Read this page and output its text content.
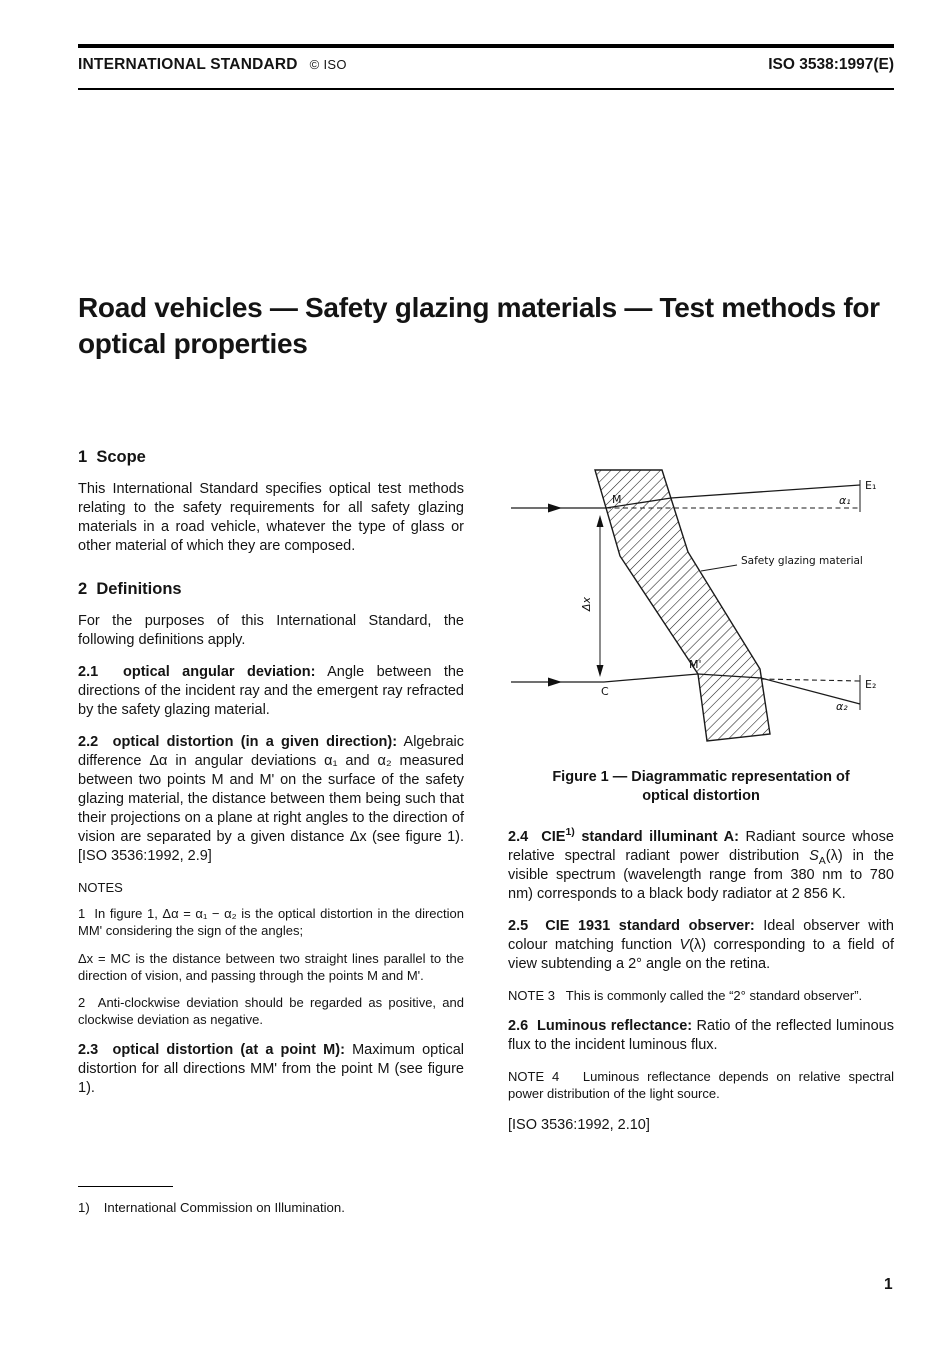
INTERNATIONAL STANDARD © ISO	ISO 3538:1997(E)
Road vehicles — Safety glazing materials — Test methods for optical properties
1  Scope

This International Standard specifies optical test methods relating to the safety requirements for all safety glazing materials in a road vehicle, whatever the type of glass or other material of which they are composed.

2  Definitions

For the purposes of this International Standard, the following definitions apply.

2.1  optical angular deviation: Angle between the directions of the incident ray and the emergent ray refracted by the safety glazing material.

2.2  optical distortion (in a given direction): Algebraic difference Δα in angular deviations α₁ and α₂ measured between two points M and M' on the surface of the safety glazing material, the distance between them being such that their projections on a plane at right angles to the direction of vision are separated by a given distance Δx (see figure 1). [ISO 3536:1992, 2.9]

NOTES

1  In figure 1, Δα = α₁ − α₂ is the optical distortion in the direction MM' considering the sign of the angles;

Δx = MC is the distance between two straight lines parallel to the direction of vision, and passing through the points M and M'.

2  Anti-clockwise deviation should be regarded as positive, and clockwise deviation as negative.

2.3  optical distortion (at a point M): Maximum optical distortion for all directions MM' from the point M (see figure 1).

M
E₁
α₁
Δx
Safety glazing material
C
M'
E₂
α₂

Figure 1 — Diagrammatic representation of optical distortion

2.4  CIE$^{1)}$ standard illuminant A: Radiant source whose relative spectral radiant power distribution $S_A(\lambda)$ in the visible spectrum (wavelength range from 380 nm to 780 nm) corresponds to a black body radiator at 2 856 K.

2.5  CIE 1931 standard observer: Ideal observer with colour matching function V(λ) corresponding to a field of view subtending a 2° angle on the retina.

NOTE 3   This is commonly called the “2° standard observer”.

2.6  Luminous reflectance: Ratio of the reflected luminous flux to the incident luminous flux.

NOTE 4   Luminous reflectance depends on relative spectral power distribution of the light source.

[ISO 3536:1992, 2.10]

1) International Commission on Illumination.
1
